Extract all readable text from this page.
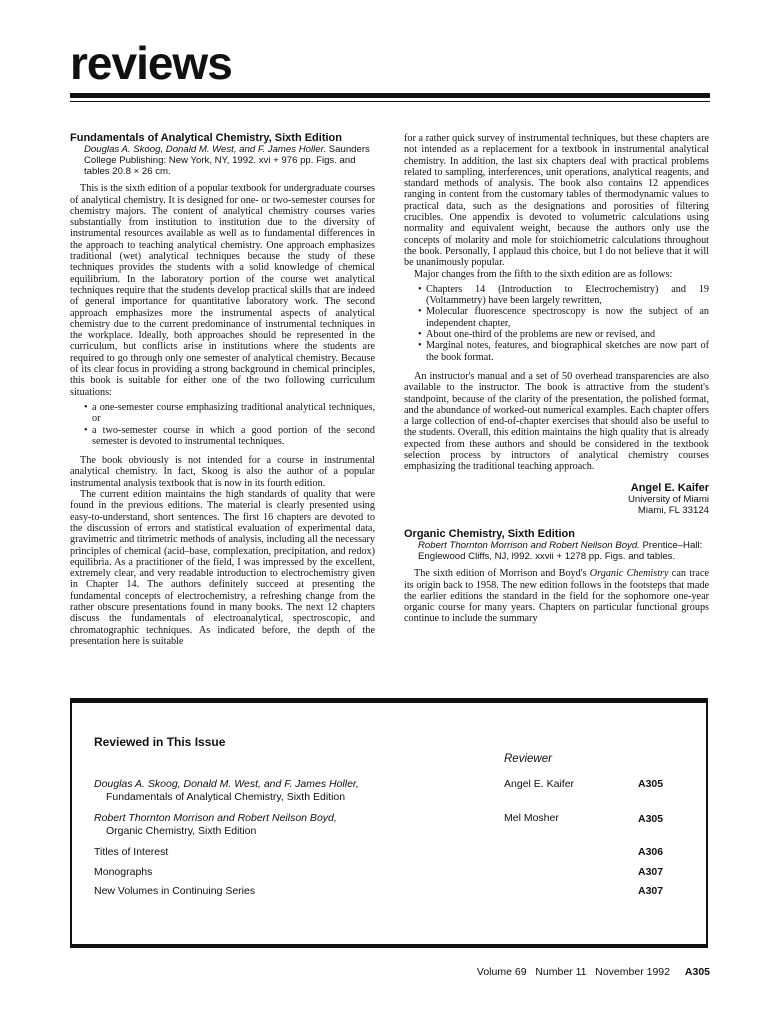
reviews

Fundamentals of Analytical Chemistry, Sixth Edition

Douglas A. Skoog, Donald M. West, and F. James Holler. Saunders College Publishing: New York, NY, 1992. xvi + 976 pp. Figs. and tables 20.8 × 26 cm.

This is the sixth edition of a popular textbook for undergraduate courses of analytical chemistry. It is designed for one- or two-semester courses for chemistry majors. The content of analytical chemistry courses varies substantially from institution to institution due to the diversity of instrumental resources available as well as to fundamental differences in the approach to teaching analytical chemistry. One approach emphasizes traditional (wet) analytical techniques because the study of these techniques provides the students with a solid knowledge of chemical equilibrium. In the laboratory portion of the course wet analytical techniques require that the students develop practical skills that are indeed of general importance for quantitative laboratory work. The second approach emphasizes more the instrumental aspects of analytical chemistry due to the current predominance of instrumental techniques in the workplace. Ideally, both approaches should be represented in the curriculum, but conflicts arise in institutions where the students are required to go through only one semester of analytical chemistry. Because of its clear focus in providing a strong background in chemical principles, this book is suitable for either one of the two following curriculum situations:

• a one-semester course emphasizing traditional analytical techniques, or
• a two-semester course in which a good portion of the second semester is devoted to instrumental techniques.

The book obviously is not intended for a course in instrumental analytical chemistry. In fact, Skoog is also the author of a popular instrumental analysis textbook that is now in its fourth edition.

The current edition maintains the high standards of quality that were found in the previous editions. The material is clearly presented using easy-to-understand, short sentences. The first 16 chapters are devoted to the discussion of errors and statistical evaluation of experimental data, gravimetric and titrimetric methods of analysis, including all the necessary principles of chemical (acid–base, complexation, precipitation, and redox) equilibria. As a practitioner of the field, I was impressed by the excellent, extremely clear, and very readable introduction to electrochemistry given in Chapter 14. The authors definitely succeed at presenting the fundamental concepts of electrochemistry, a refreshing change from the rather obscure presentations found in many books. The next 12 chapters discuss the fundamentals of electroanalytical, spectroscopic, and chromatographic techniques. As indicated before, the depth of the presentation here is suitable

for a rather quick survey of instrumental techniques, but these chapters are not intended as a replacement for a textbook in instrumental analytical chemistry. In addition, the last six chapters deal with practical problems related to sampling, interferences, unit operations, analytical reagents, and standard methods of analysis. The book also contains 12 appendices ranging in content from the customary tables of thermodynamic values to practical data, such as the designations and porosities of filtering crucibles. One appendix is devoted to volumetric calculations using normality and equivalent weight, because the authors only use the concepts of molarity and mole for stoichiometric calculations throughout the book. Personally, I applaud this choice, but I do not believe that it will be unanimously popular.

Major changes from the fifth to the sixth edition are as follows:

• Chapters 14 (Introduction to Electrochemistry) and 19 (Voltammetry) have been largely rewritten,
• Molecular fluorescence spectroscopy is now the subject of an independent chapter,
• About one-third of the problems are new or revised, and
• Marginal notes, features, and biographical sketches are now part of the book format.

An instructor's manual and a set of 50 overhead transparencies are also available to the instructor. The book is attractive from the student's standpoint, because of the clarity of the presentation, the polished format, and the abundance of worked-out numerical examples. Each chapter offers a large collection of end-of-chapter exercises that should also be useful to the students. Overall, this edition maintains the high quality that is already expected from these authors and should be considered in the textbook selection process by intructors of analytical chemistry courses emphasizing the traditional teaching approach.

Angel E. Kaifer
University of Miami
Miami, FL 33124

Organic Chemistry, Sixth Edition

Robert Thornton Morrison and Robert Neilson Boyd. Prentice–Hall: Englewood Cliffs, NJ, l992. xxvii + 1278 pp. Figs. and tables.

The sixth edition of Morrison and Boyd's Organic Chemistry can trace its origin back to 1958. The new edition follows in the footsteps that made the earlier editions the standard in the field for the sophomore one-year organic course for many years. Chapters on particular functional groups continue to include the summary

Reviewed in This Issue
Reviewer
Douglas A. Skoog, Donald M. West, and F. James Holler,
Fundamentals of Analytical Chemistry, Sixth Edition
Angel E. Kaifer	A305
Robert Thornton Morrison and Robert Neilson Boyd,
Organic Chemistry, Sixth Edition
Mel Mosher	A305
Titles of Interest	A306
Monographs	A307
New Volumes in Continuing Series	A307
Volume 69 Number 11 November 1992 A305
